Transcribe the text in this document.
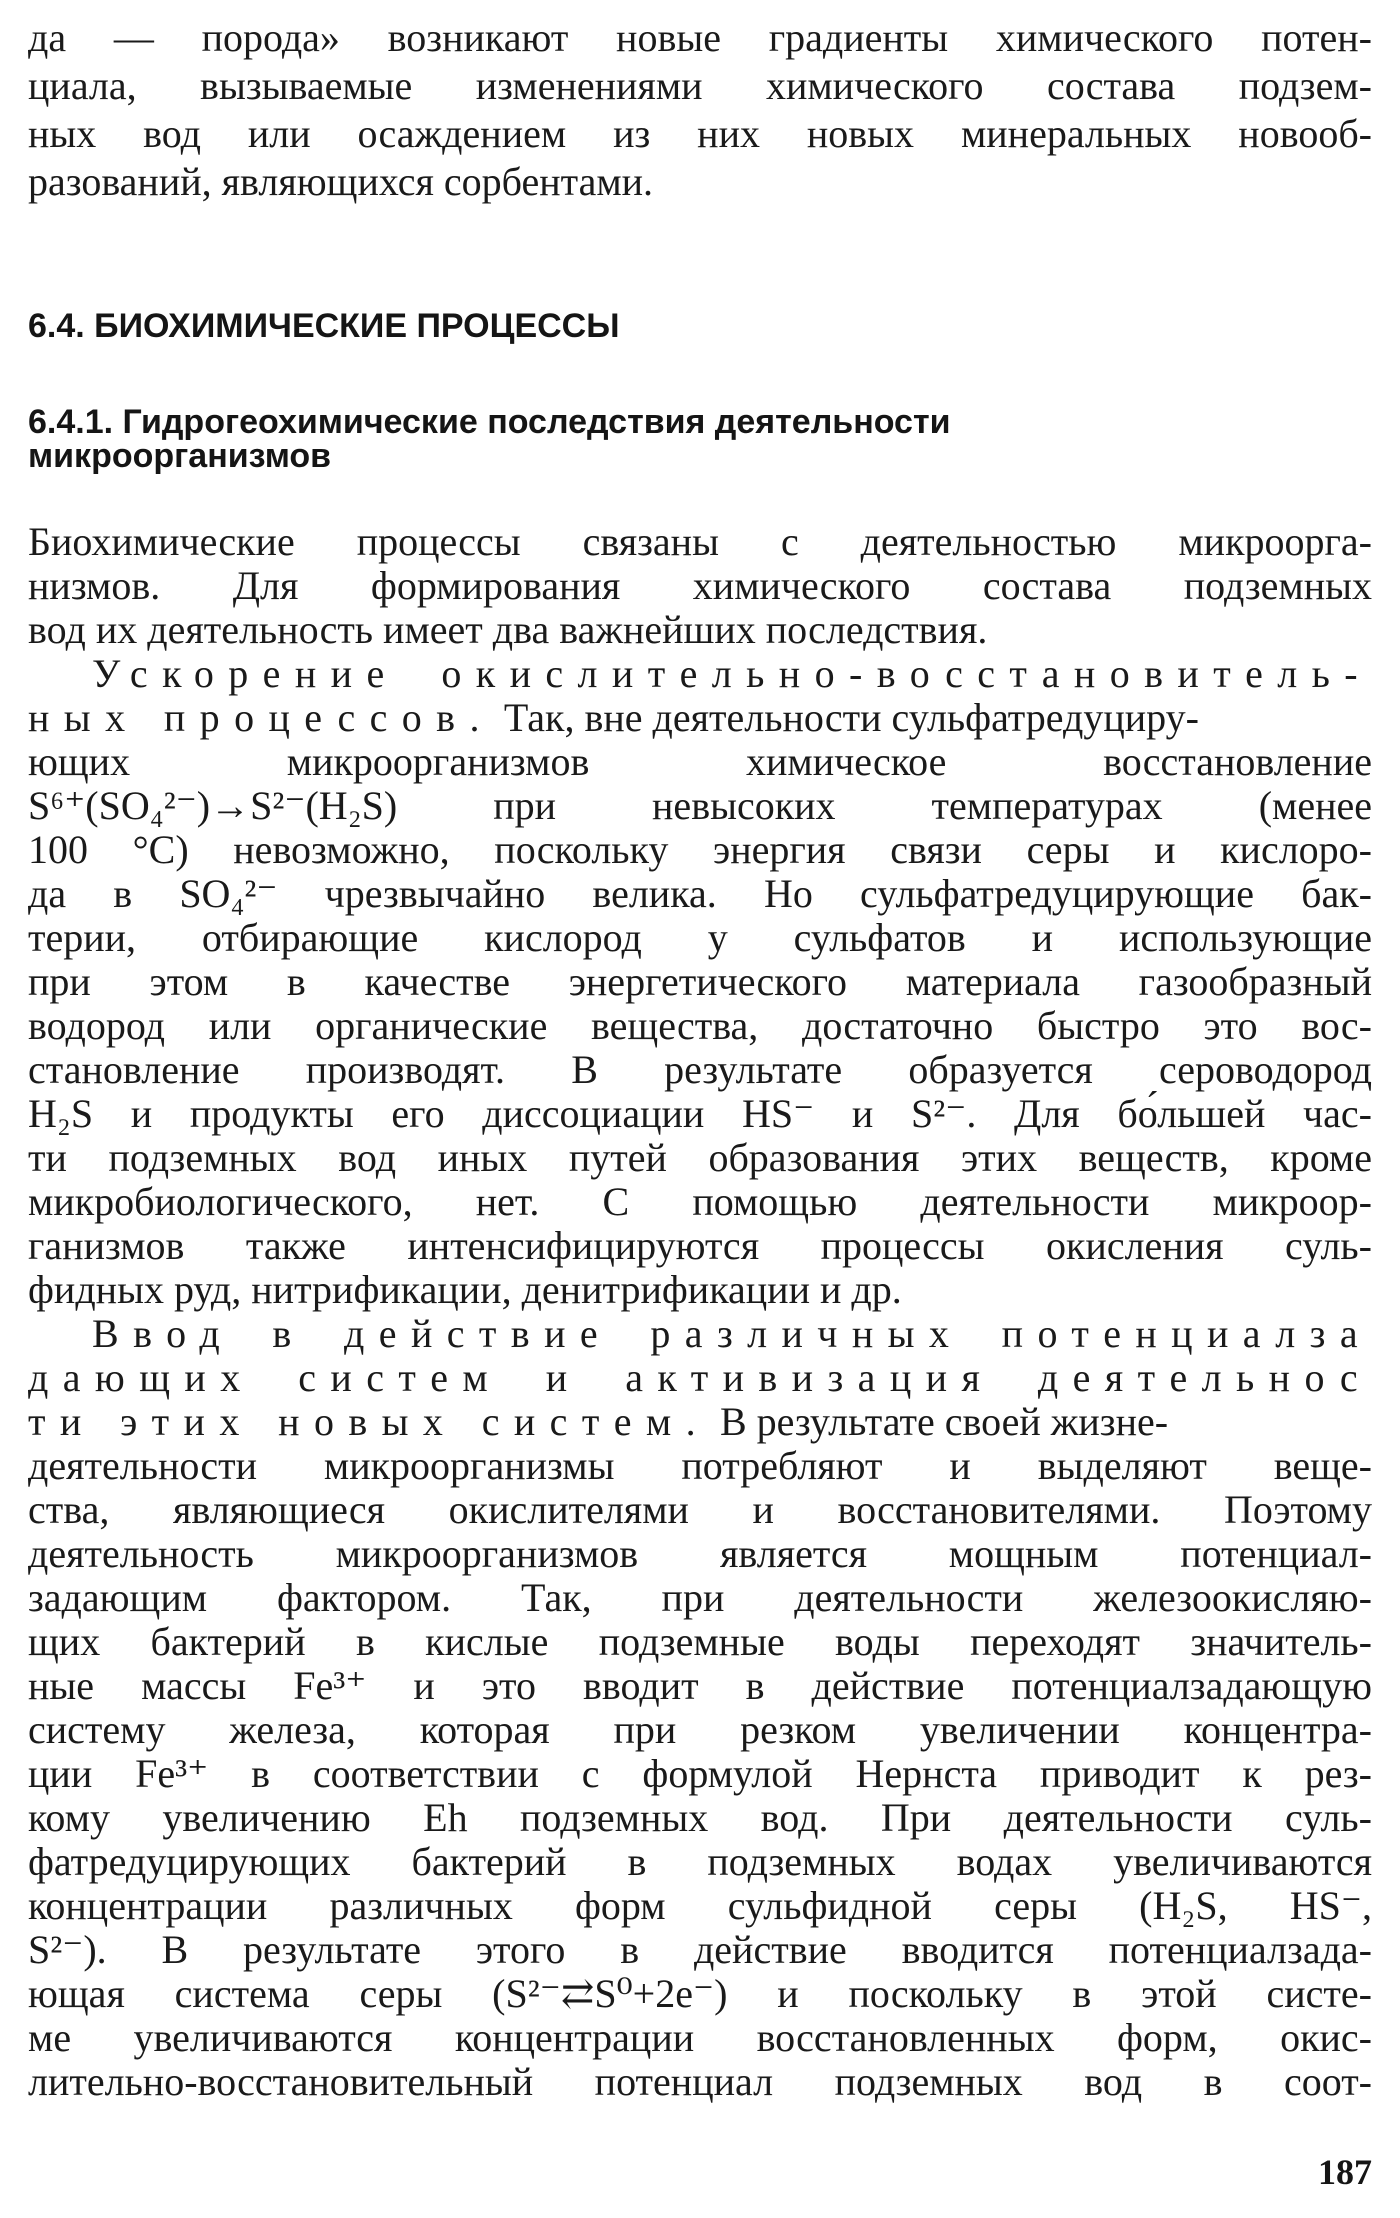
да — порода» возникают новые градиенты химического потен-
циала, вызываемые изменениями химического состава подзем-
ных вод или осаждением из них новых минеральных новооб-
разований, являющихся сорбентами.
6.4. БИОХИМИЧЕСКИЕ ПРОЦЕССЫ
6.4.1. Гидрогеохимические последствия деятельности
микроорганизмов
Биохимические процессы связаны с деятельностью микроорга-
низмов. Для формирования химического состава подземных
вод их деятельность имеет два важнейших последствия.
Ускорение окислительно-восстановитель-
ных процессов. Так, вне деятельности сульфатредуциру-
ющих микроорганизмов химическое восстановление
S⁶⁺(SO₄²⁻)→S²⁻(H₂S) при невысоких температурах (менее
100 °C) невозможно, поскольку энергия связи серы и кислоро-
да в SO₄²⁻ чрезвычайно велика. Но сульфатредуцирующие бак-
терии, отбирающие кислород у сульфатов и использующие
при этом в качестве энергетического материала газообразный
водород или органические вещества, достаточно быстро это вос-
становление производят. В результате образуется сероводород
H₂S и продукты его диссоциации HS⁻ и S²⁻. Для бо́льшей час-
ти подземных вод иных путей образования этих веществ, кроме
микробиологического, нет. С помощью деятельности микроор-
ганизмов также интенсифицируются процессы окисления суль-
фидных руд, нитрификации, денитрификации и др.
Ввод в действие различных потенциалза
дающих систем и активизация деятельнос
ти этих новых систем. В результате своей жизне-
деятельности микроорганизмы потребляют и выделяют веще-
ства, являющиеся окислителями и восстановителями. Поэтому
деятельность микроорганизмов является мощным потенциал-
задающим фактором. Так, при деятельности железоокисляю-
щих бактерий в кислые подземные воды переходят значитель-
ные массы Fe³⁺ и это вводит в действие потенциалзадающую
систему железа, которая при резком увеличении концентра-
ции Fe³⁺ в соответствии с формулой Нернста приводит к рез-
кому увеличению Eh подземных вод. При деятельности суль-
фатредуцирующих бактерий в подземных водах увеличиваются
концентрации различных форм сульфидной серы (H₂S, HS⁻,
S²⁻). В результате этого в действие вводится потенциалзада-
ющая система серы (S²⁻⇄S⁰+2e⁻) и поскольку в этой систе-
ме увеличиваются концентрации восстановленных форм, окис-
лительно-восстановительный потенциал подземных вод в соот-
187
